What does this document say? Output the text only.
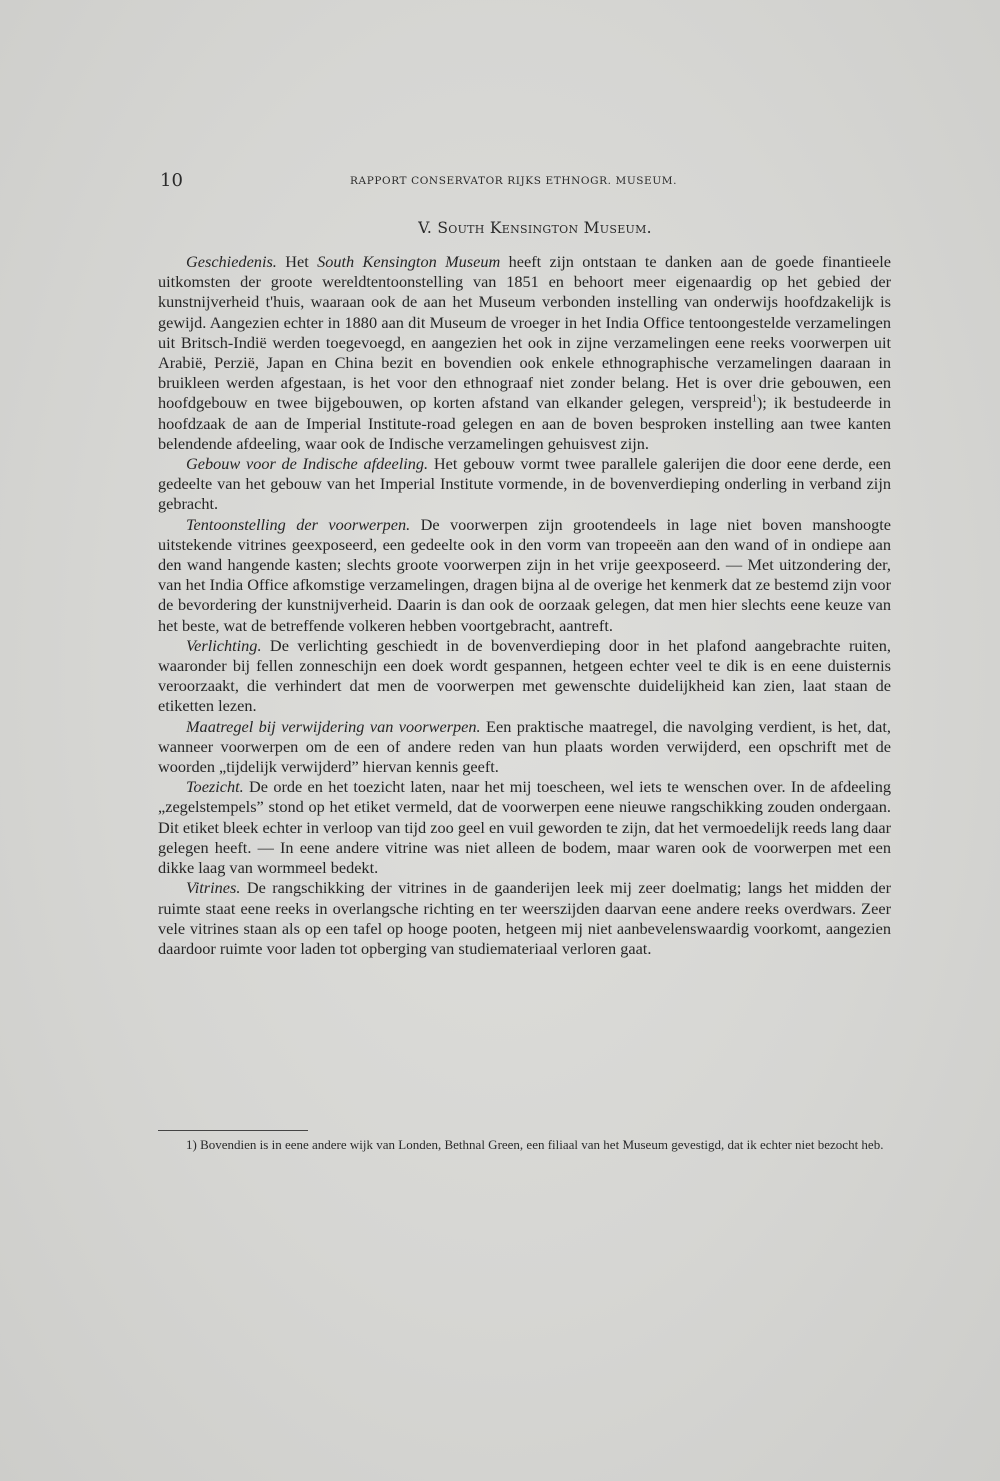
10	RAPPORT CONSERVATOR RIJKS ETHNOGR. MUSEUM.
V. South Kensington Museum.

Geschiedenis. Het South Kensington Museum heeft zijn ontstaan te danken aan de goede finantieele uitkomsten der groote wereldtentoonstelling van 1851 en behoort meer eigenaardig op het gebied der kunstnijverheid t'huis, waaraan ook de aan het Museum verbonden instelling van onderwijs hoofdzakelijk is gewijd. Aangezien echter in 1880 aan dit Museum de vroeger in het India Office tentoongestelde verzamelingen uit Britsch-Indië werden toegevoegd, en aangezien het ook in zijne verzamelingen eene reeks voorwerpen uit Arabië, Perzië, Japan en China bezit en bovendien ook enkele ethnographische verzamelingen daaraan in bruikleen werden afgestaan, is het voor den ethnograaf niet zonder belang. Het is over drie gebouwen, een hoofdgebouw en twee bijgebouwen, op korten afstand van elkander gelegen, verspreid$^1$); ik bestudeerde in hoofdzaak de aan de Imperial Institute-road gelegen en aan de boven besproken instelling aan twee kanten belendende afdeeling, waar ook de Indische verzamelingen gehuisvest zijn.

Gebouw voor de Indische afdeeling. Het gebouw vormt twee parallele galerijen die door eene derde, een gedeelte van het gebouw van het Imperial Institute vormende, in de bovenverdieping onderling in verband zijn gebracht.

Tentoonstelling der voorwerpen. De voorwerpen zijn grootendeels in lage niet boven manshoogte uitstekende vitrines geexposeerd, een gedeelte ook in den vorm van tropeeën aan den wand of in ondiepe aan den wand hangende kasten; slechts groote voorwerpen zijn in het vrije geexposeerd. — Met uitzondering der, van het India Office afkomstige verzamelingen, dragen bijna al de overige het kenmerk dat ze bestemd zijn voor de bevordering der kunstnijverheid. Daarin is dan ook de oorzaak gelegen, dat men hier slechts eene keuze van het beste, wat de betreffende volkeren hebben voortgebracht, aantreft.

Verlichting. De verlichting geschiedt in de bovenverdieping door in het plafond aangebrachte ruiten, waaronder bij fellen zonneschijn een doek wordt gespannen, hetgeen echter veel te dik is en eene duisternis veroorzaakt, die verhindert dat men de voorwerpen met gewenschte duidelijkheid kan zien, laat staan de etiketten lezen.

Maatregel bij verwijdering van voorwerpen. Een praktische maatregel, die navolging verdient, is het, dat, wanneer voorwerpen om de een of andere reden van hun plaats worden verwijderd, een opschrift met de woorden „tijdelijk verwijderd” hiervan kennis geeft.

Toezicht. De orde en het toezicht laten, naar het mij toescheen, wel iets te wenschen over. In de afdeeling „zegelstempels” stond op het etiket vermeld, dat de voorwerpen eene nieuwe rangschikking zouden ondergaan. Dit etiket bleek echter in verloop van tijd zoo geel en vuil geworden te zijn, dat het vermoedelijk reeds lang daar gelegen heeft. — In eene andere vitrine was niet alleen de bodem, maar waren ook de voorwerpen met een dikke laag van wormmeel bedekt.

Vitrines. De rangschikking der vitrines in de gaanderijen leek mij zeer doelmatig; langs het midden der ruimte staat eene reeks in overlangsche richting en ter weerszijden daarvan eene andere reeks overdwars. Zeer vele vitrines staan als op een tafel op hooge pooten, hetgeen mij niet aanbevelenswaardig voorkomt, aangezien daardoor ruimte voor laden tot opberging van studiemateriaal verloren gaat.

1) Bovendien is in eene andere wijk van Londen, Bethnal Green, een filiaal van het Museum gevestigd, dat ik echter niet bezocht heb.
